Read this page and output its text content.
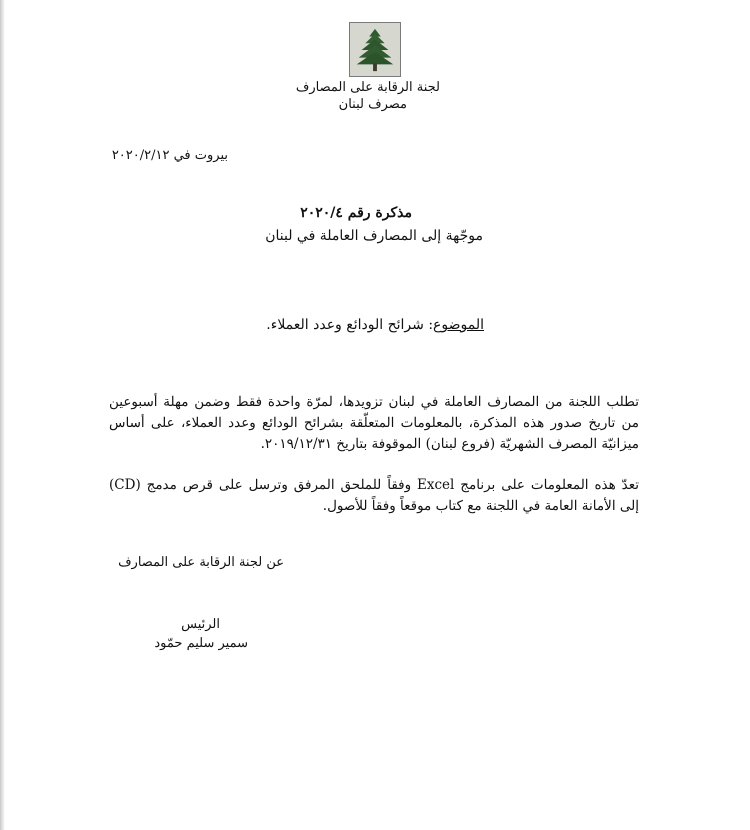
لجنة الرقابة على المصارف
مصرف لبنان
بيروت في ٢٠٢٠/٢/١٢
مذكرة رقم ٢٠٢٠/٤
موجّهة إلى المصارف العاملة في لبنان
الموضوع: شرائح الودائع وعدد العملاء.
تطلب اللجنة من المصارف العاملة في لبنان تزويدها، لمرّة واحدة فقط وضمن مهلة أسبوعين من تاريخ صدور هذه المذكرة، بالمعلومات المتعلّقة بشرائح الودائع وعدد العملاء، على أساس ميزانيّة المصرف الشهريّة (فروع لبنان) الموقوفة بتاريخ ٢٠١٩/١٢/٣١.
تعدّ هذه المعلومات على برنامج Excel وفقاً للملحق المرفق وترسل على قرص مدمج (CD) إلى الأمانة العامة في اللجنة مع كتاب موقعاً وفقاً للأصول.
عن لجنة الرقابة على المصارف
الرئيس
سمير سليم حمّود
